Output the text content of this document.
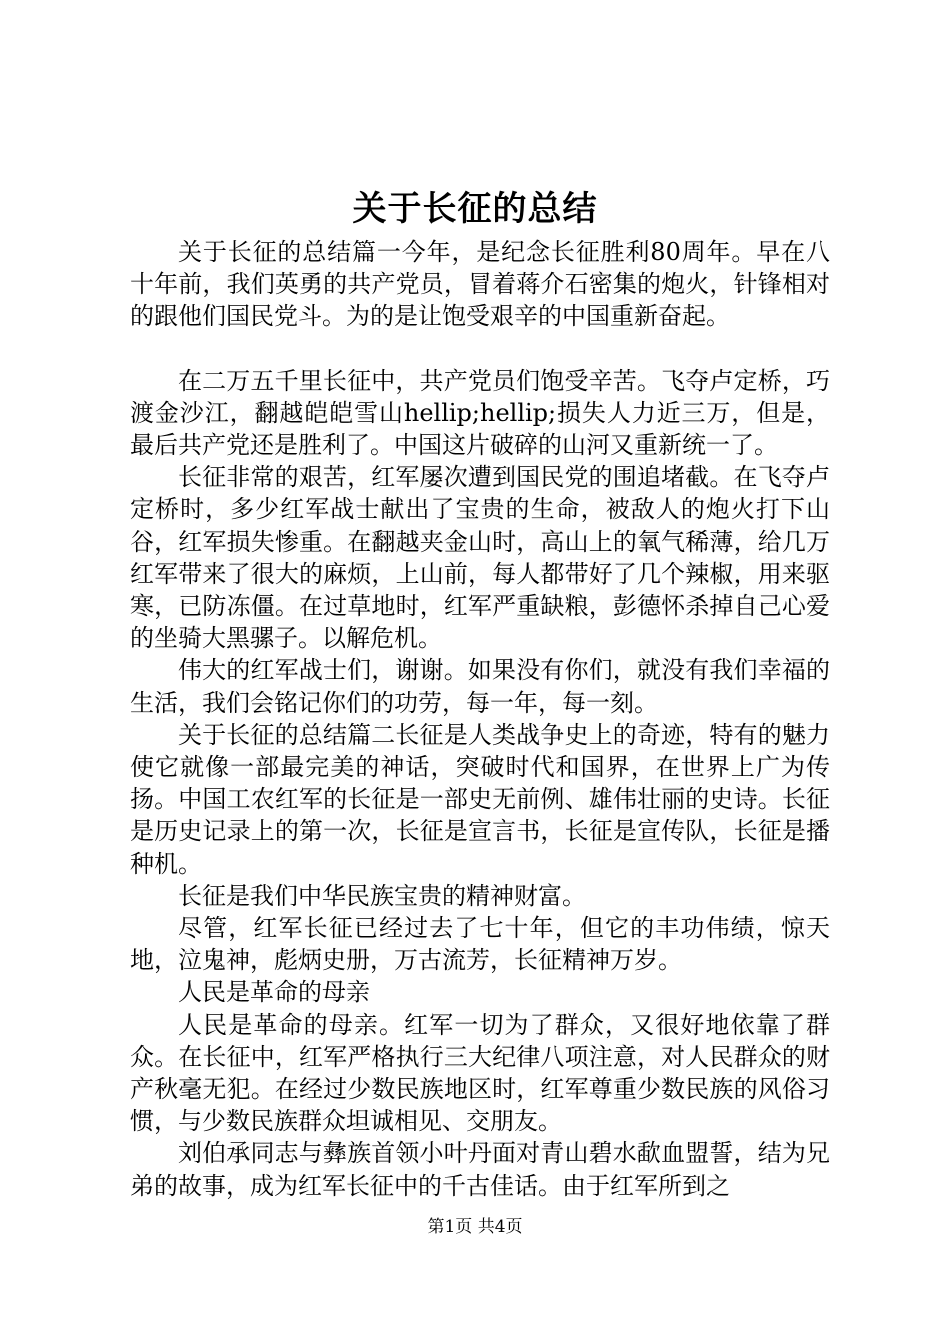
关于长征的总结

关于长征的总结篇一今年，是纪念长征胜利80周年。早在八十年前，我们英勇的共产党员，冒着蒋介石密集的炮火，针锋相对的跟他们国民党斗。为的是让饱受艰辛的中国重新奋起。

在二万五千里长征中，共产党员们饱受辛苦。飞夺卢定桥，巧渡金沙江，翻越皑皑雪山hellip;hellip;损失人力近三万，但是，最后共产党还是胜利了。中国这片破碎的山河又重新统一了。

长征非常的艰苦，红军屡次遭到国民党的围追堵截。在飞夺卢定桥时，多少红军战士献出了宝贵的生命，被敌人的炮火打下山谷，红军损失惨重。在翻越夹金山时，高山上的氧气稀薄，给几万红军带来了很大的麻烦，上山前，每人都带好了几个辣椒，用来驱寒，已防冻僵。在过草地时，红军严重缺粮，彭德怀杀掉自己心爱的坐骑大黑骡子。以解危机。

伟大的红军战士们，谢谢。如果没有你们，就没有我们幸福的生活，我们会铭记你们的功劳，每一年，每一刻。

关于长征的总结篇二长征是人类战争史上的奇迹，特有的魅力使它就像一部最完美的神话，突破时代和国界，在世界上广为传扬。中国工农红军的长征是一部史无前例、雄伟壮丽的史诗。长征是历史记录上的第一次，长征是宣言书，长征是宣传队，长征是播种机。

长征是我们中华民族宝贵的精神财富。

尽管，红军长征已经过去了七十年，但它的丰功伟绩，惊天地，泣鬼神，彪炳史册，万古流芳，长征精神万岁。

人民是革命的母亲

人民是革命的母亲。红军一切为了群众，又很好地依靠了群众。在长征中，红军严格执行三大纪律八项注意，对人民群众的财产秋毫无犯。在经过少数民族地区时，红军尊重少数民族的风俗习惯，与少数民族群众坦诚相见、交朋友。

刘伯承同志与彝族首领小叶丹面对青山碧水歃血盟誓，结为兄弟的故事，成为红军长征中的千古佳话。由于红军所到之

第1页 共4页
